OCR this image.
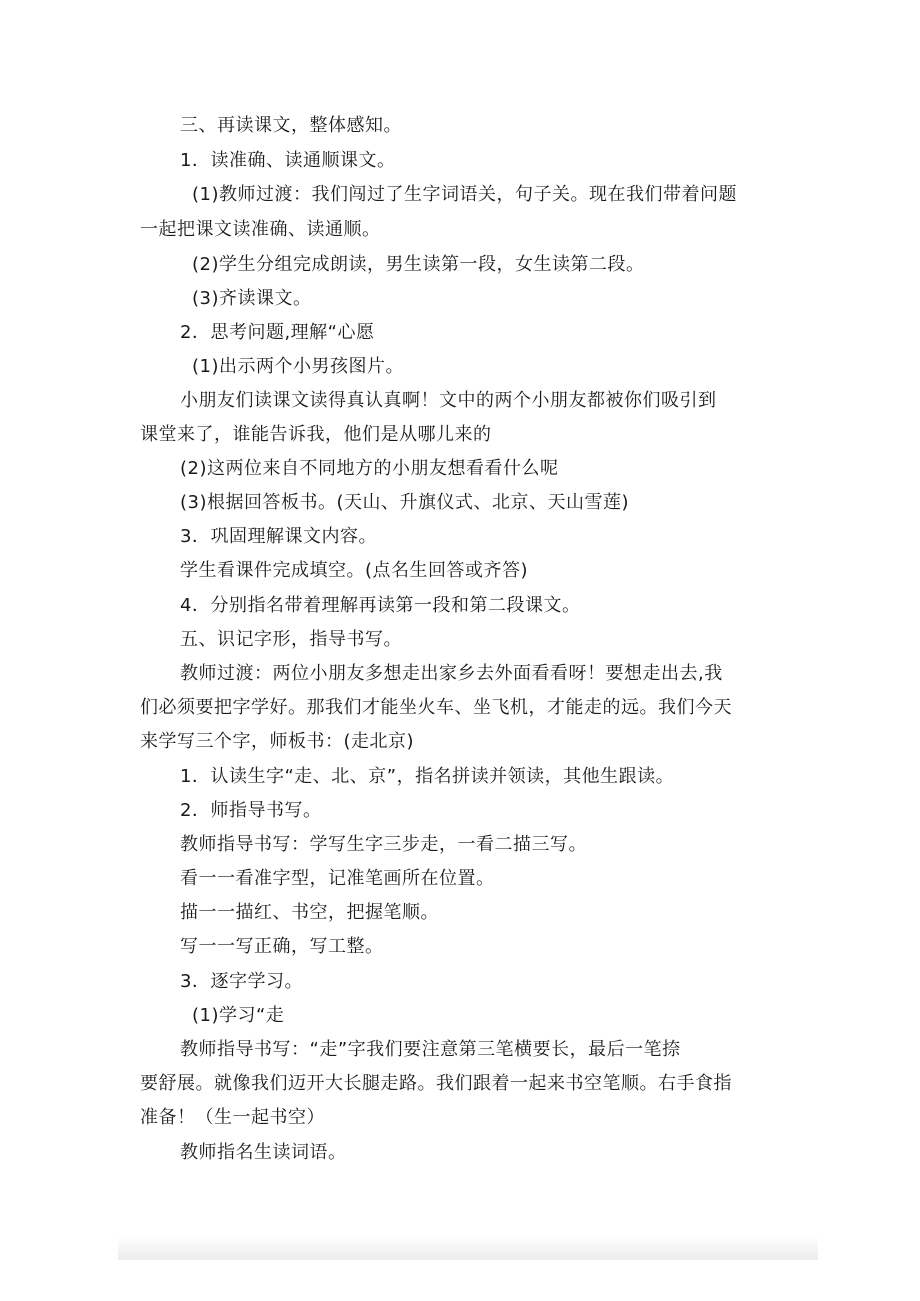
三、再读课文，整体感知。
1．读准确、读通顺课文。
(1)教师过渡：我们闯过了生字词语关，句子关。现在我们带着问题
一起把课文读准确、读通顺。
(2)学生分组完成朗读，男生读第一段，女生读第二段。
(3)齐读课文。
2．思考问题,理解“心愿
(1)出示两个小男孩图片。
小朋友们读课文读得真认真啊！文中的两个小朋友都被你们吸引到
课堂来了，谁能告诉我，他们是从哪儿来的
(2)这两位来自不同地方的小朋友想看看什么呢
(3)根据回答板书。(天山、升旗仪式、北京、天山雪莲)
3．巩固理解课文内容。
学生看课件完成填空。(点名生回答或齐答)
4．分别指名带着理解再读第一段和第二段课文。
五、识记字形，指导书写。
教师过渡：两位小朋友多想走出家乡去外面看看呀！要想走出去,我
们必须要把字学好。那我们才能坐火车、坐飞机，才能走的远。我们今天
来学写三个字，师板书：(走北京)
1．认读生字“走、北、京”，指名拼读并领读，其他生跟读。
2．师指导书写。
教师指导书写：学写生字三步走，一看二描三写。
看一一看准字型，记准笔画所在位置。
描一一描红、书空，把握笔顺。
写一一写正确，写工整。
3．逐字学习。
(1)学习“走
教师指导书写：“走”字我们要注意第三笔横要长，最后一笔捺
要舒展。就像我们迈开大长腿走路。我们跟着一起来书空笔顺。右手食指
准备！（生一起书空）
教师指名生读词语。
